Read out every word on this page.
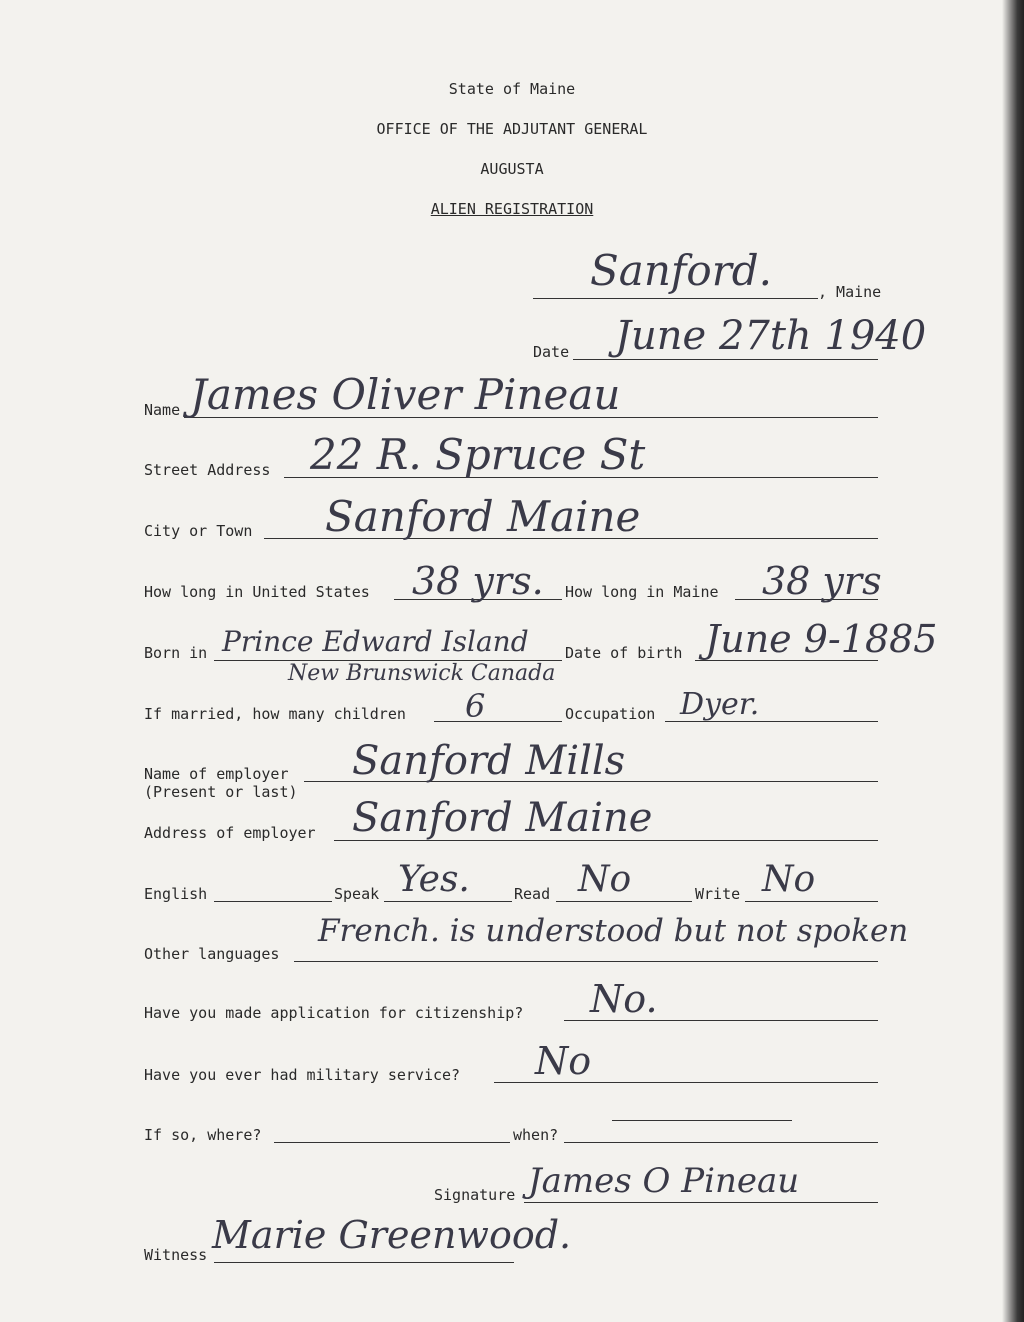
State of Maine
OFFICE OF THE ADJUTANT GENERAL
AUGUSTA
ALIEN REGISTRATION
Sanford.	, Maine
Date June 27th 1940
Name James Oliver Pineau
Street Address 22 R. Spruce St
City or Town Sanford Maine
How long in United States 38 yrs. How long in Maine 38 yrs
Born in Prince Edward Island
New Brunswick Canada
Date of birth June 9-1885
If married, how many children 6	Occupation Dyer.
Name of employer
(Present or last)
Sanford Mills
Address of employer Sanford Maine
English	Speak Yes.	Read No	Write No
Other languages
French. is understood but not spoken
Have you made application for citizenship? No.
Have you ever had military service? No
If so, where?	when?
Signature James O Pineau
Witness Marie Greenwood.
